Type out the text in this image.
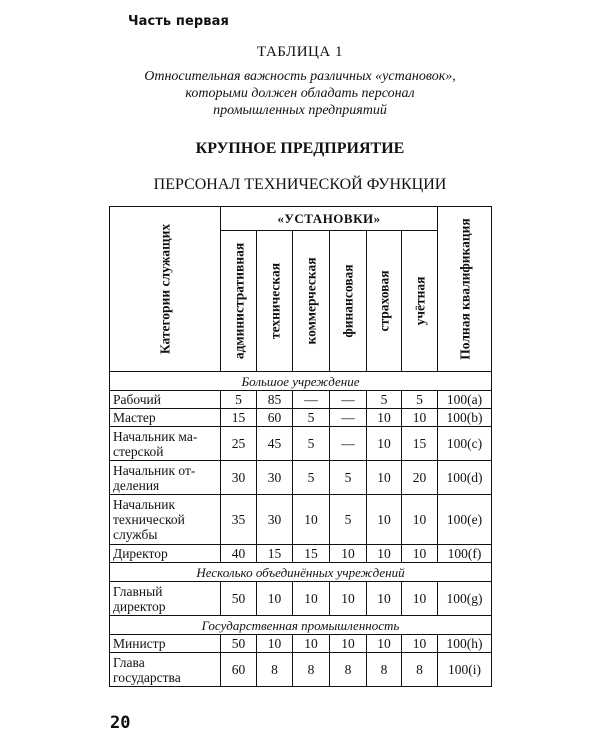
Часть первая
ТАБЛИЦА 1
Относительная важность различных «установок»,
которыми должен обладать персонал
промышленных предприятий
КРУПНОЕ ПРЕДПРИЯТИЕ
ПЕРСОНАЛ ТЕХНИЧЕСКОЙ ФУНКЦИИ
Категории служащих	«УСТАНОВКИ»						Полная квалификация

	административная	техническая	коммерческая	финансовая	страховая	учётная	

Большое учреждение							
Рабочий	5	85	—	—	5	5	100(a)
Мастер	15	60	5	—	10	10	100(b)
Начальник ма-
стерской	25	45	5	—	10	15	100(c)
Начальник от-
деления	30	30	5	5	10	20	100(d)
Начальник
технической
службы	35	30	10	5	10	10	100(e)
Директор	40	15	15	10	10	10	100(f)
Несколько объединённых учреждений							
Главный
директор	50	10	10	10	10	10	100(g)
Государственная промышленность							
Министр	50	10	10	10	10	10	100(h)
Глава
государства	60	8	8	8	8	8	100(i)
20
